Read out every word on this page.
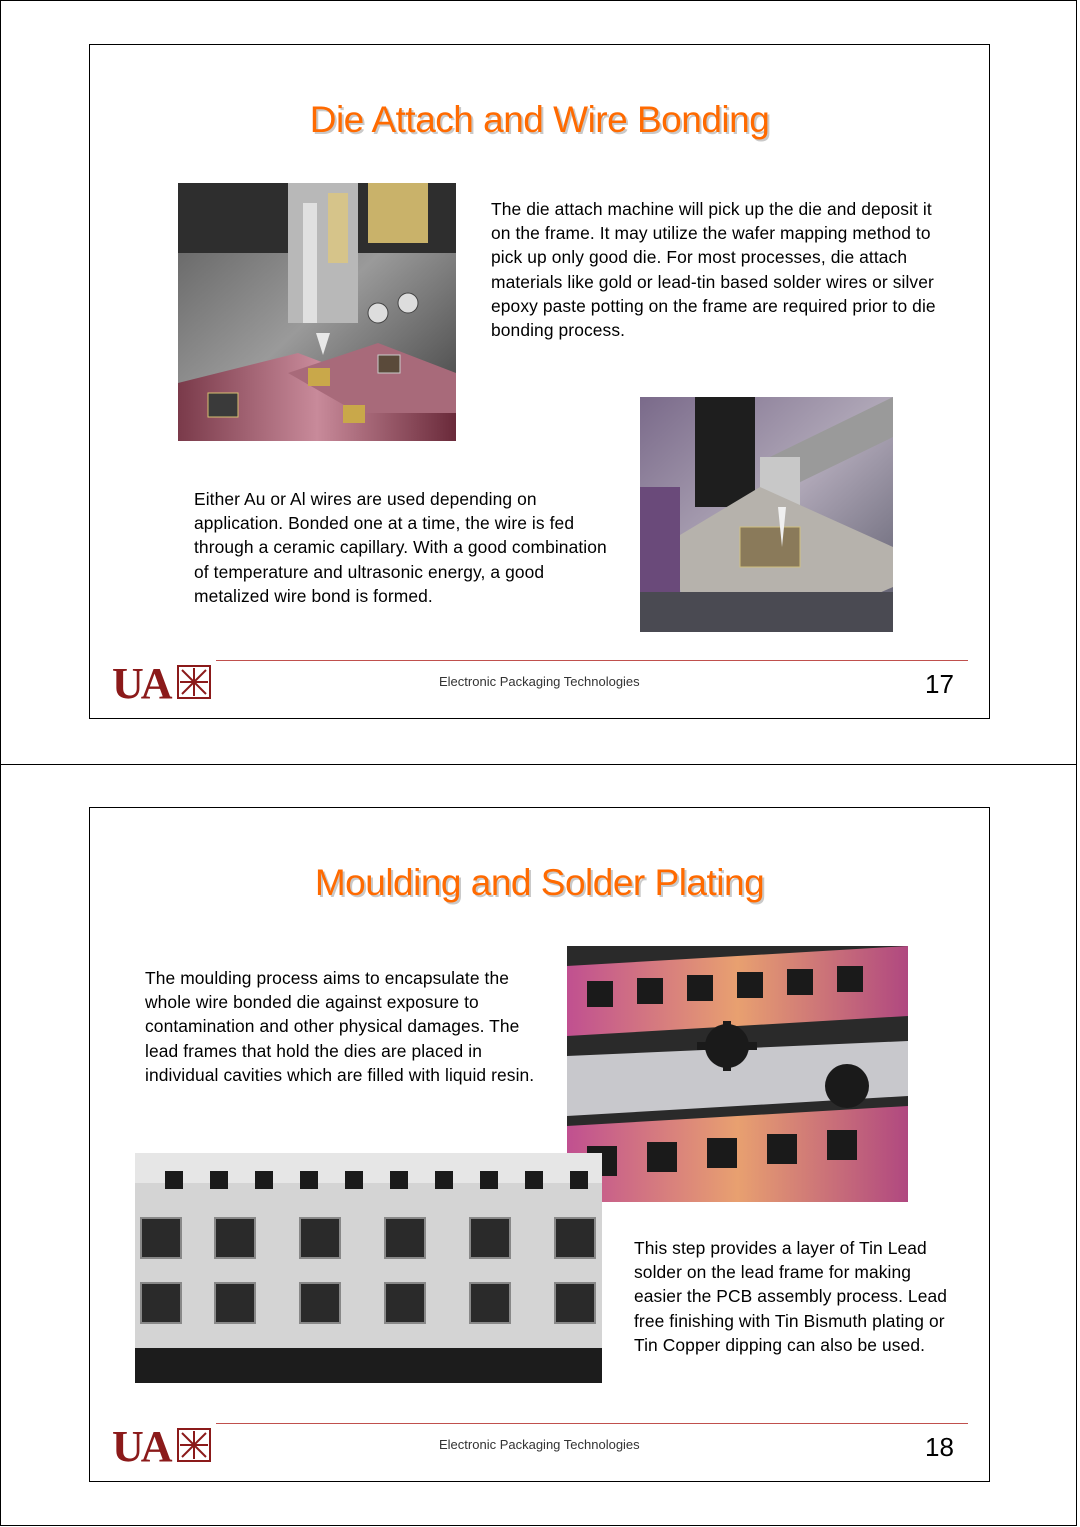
Die Attach and Wire Bonding
The die attach machine will pick up the die and deposit it on the frame. It may utilize the wafer mapping method to pick up only good die. For most processes, die attach materials like gold or lead-tin based solder wires or silver epoxy paste potting on the frame are required prior to die bonding process.
Either Au or Al wires are used depending on application. Bonded one at a time, the wire is fed through a ceramic capillary. With a good combination of temperature and ultrasonic energy, a good metalized wire bond is formed.
UA	Electronic Packaging Technologies	17
Moulding and Solder Plating
The moulding process aims to encapsulate the whole wire bonded die against exposure to contamination and other physical damages. The lead frames that hold the dies are placed in individual cavities which are filled with liquid resin.
This step provides a layer of Tin Lead solder on the lead frame for making easier the PCB assembly process. Lead free finishing with Tin Bismuth plating or Tin Copper dipping can also be used.
UA	Electronic Packaging Technologies	18
